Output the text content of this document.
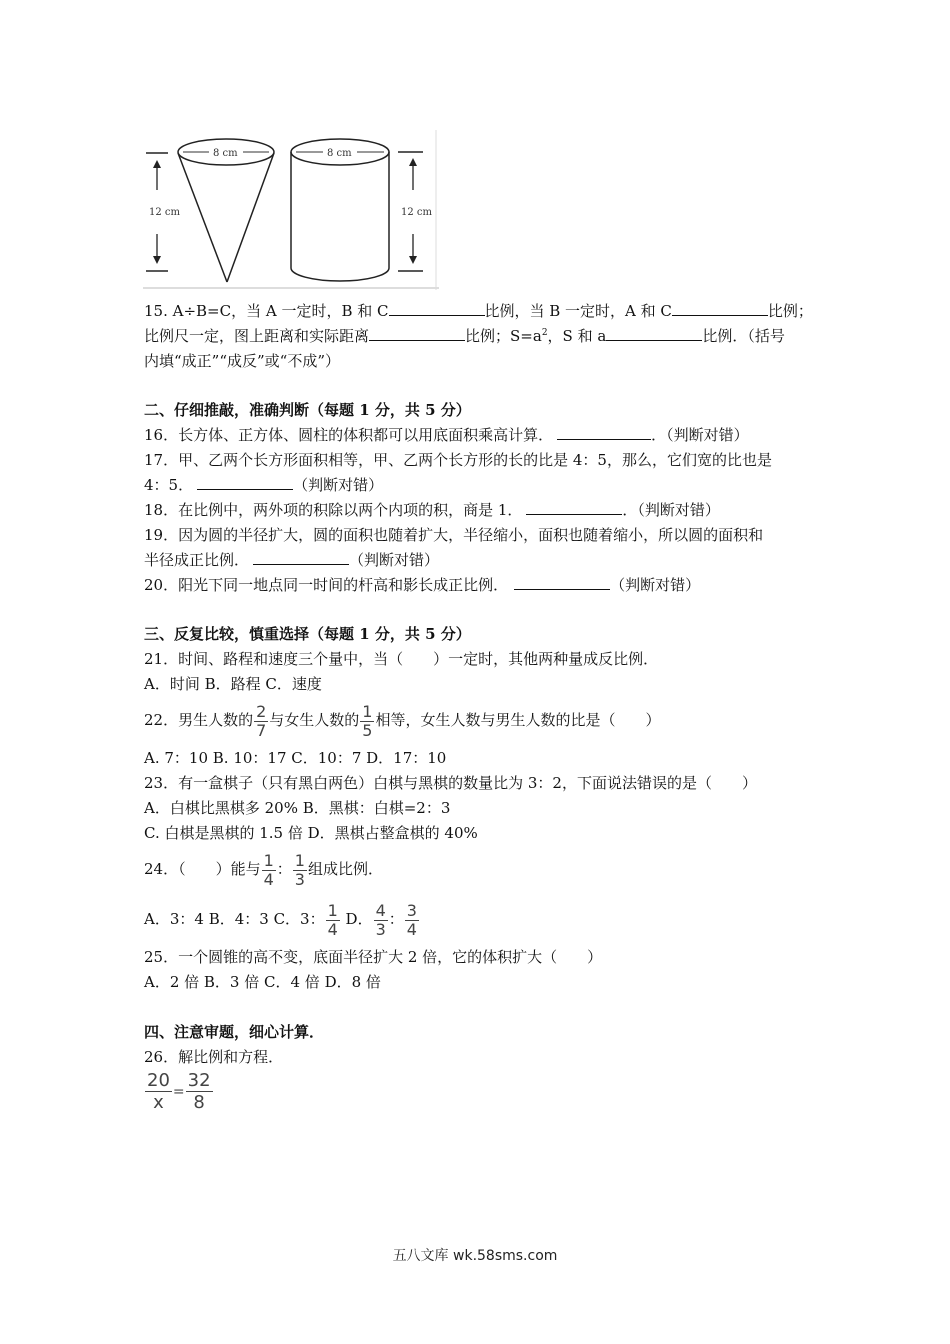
12 cm
8 cm	8 cm
12 cm
15. A÷B=C，当 A 一定时，B 和 C	比例，当 B 一定时，A 和 C	比例；
比例尺一定，图上距离和实际距离	比例；$S=a^2$，S 和 a	比例．（括号
内填“成正”“成反”或“不成”）
二、仔细推敲，准确判断（每题 1 分，共 5 分）
16．长方体、正方体、圆柱的体积都可以用底面积乘高计算．	．（判断对错）
17．甲、乙两个长方形面积相等，甲、乙两个长方形的长的比是 4：5，那么，它们宽的比也是
4：5．	（判断对错）
18．在比例中，两外项的积除以两个内项的积，商是 1．	．（判断对错）
19．因为圆的半径扩大，圆的面积也随着扩大，半径缩小，面积也随着缩小，所以圆的面积和
半径成正比例．	（判断对错）
20．阳光下同一地点同一时间的杆高和影长成正比例．	（判断对错）
三、反复比较，慎重选择（每题 1 分，共 5 分）
21．时间、路程和速度三个量中，当（　　）一定时，其他两种量成反比例．
A．时间 B．路程 C．速度
22．男生人数的 $\frac{2}{7}$ 与女生人数的 $\frac{1}{5}$ 相等，女生人数与男生人数的比是（　　）
A. 7：10 B. 10：17 C．10：7 D．17：10
23．有一盒棋子（只有黑白两色）白棋与黑棋的数量比为 3：2，下面说法错误的是（　　）
A．白棋比黑棋多 20% B．黑棋：白棋=2：3
C. 白棋是黑棋的 1.5 倍 D．黑棋占整盒棋的 40%
24．（　　）能与 $\frac{1}{4}$ ： $\frac{1}{3}$ 组成比例．
A．3：4 B．4：3 C．3： $\frac{1}{4}$ D． $\frac{4}{3}$ ： $\frac{3}{4}$
25．一个圆锥的高不变，底面半径扩大 2 倍，它的体积扩大（　　）
A．2 倍 B．3 倍 C．4 倍 D．8 倍
四、注意审题，细心计算．
26．解比例和方程．
$\frac{20}{x} = \frac{32}{8}$
五八文库 wk.58sms.com
